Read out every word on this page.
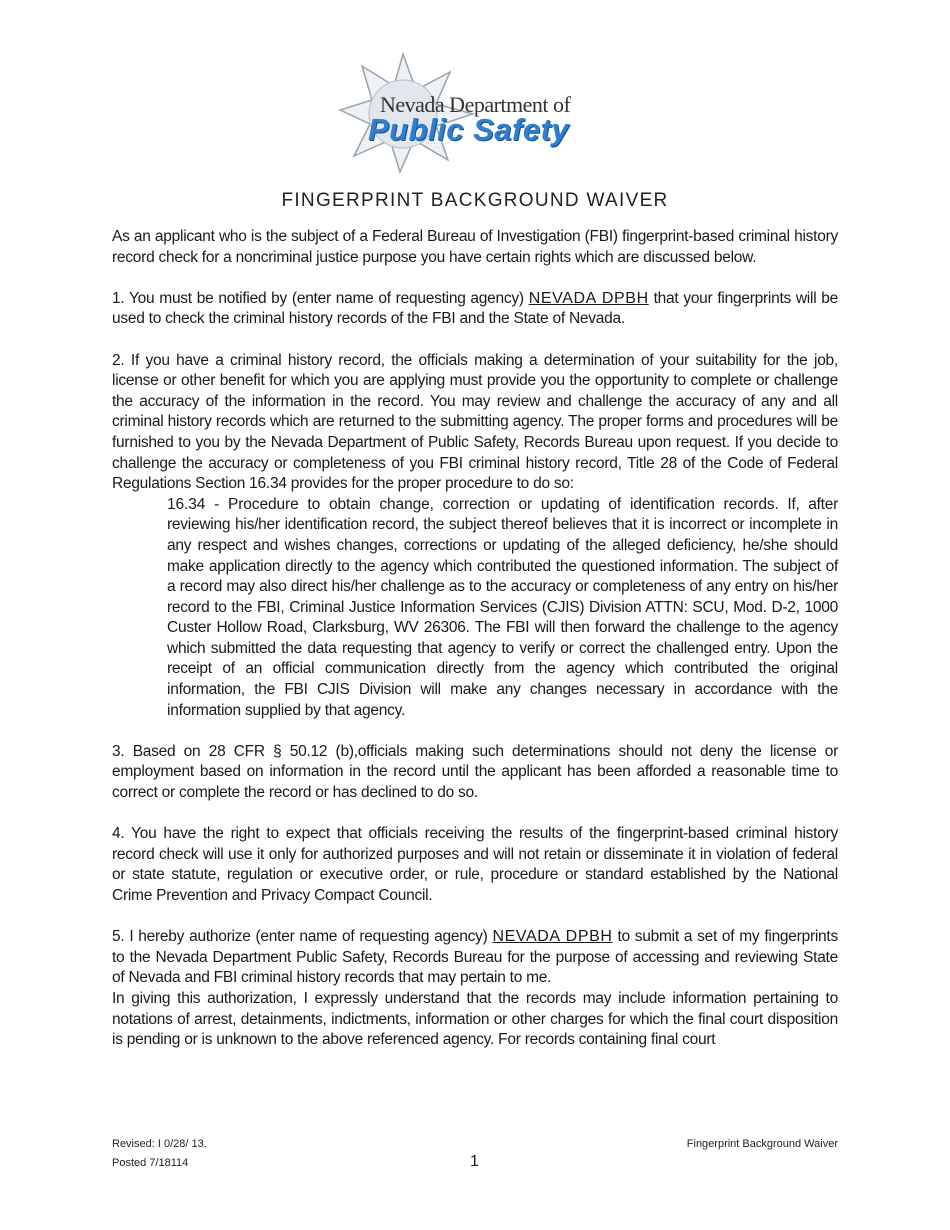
Nevada Department of
Public Safety
FINGERPRINT BACKGROUND WAIVER

As an applicant who is the subject of a Federal Bureau of Investigation (FBI) fingerprint-based criminal history record check for a noncriminal justice purpose you have certain rights which are discussed below.

1. You must be notified by (enter name of requesting agency) NEVADA DPBH that your fingerprints will be used to check the criminal history records of the FBI and the State of Nevada.

2. If you have a criminal history record, the officials making a determination of your suitability for the job, license or other benefit for which you are applying must provide you the opportunity to complete or challenge the accuracy of the information in the record. You may review and challenge the accuracy of any and all criminal history records which are returned to the submitting agency. The proper forms and procedures will be furnished to you by the Nevada Department of Public Safety, Records Bureau upon request. If you decide to challenge the accuracy or completeness of you FBI criminal history record, Title 28 of the Code of Federal Regulations Section 16.34 provides for the proper procedure to do so:

16.34 - Procedure to obtain change, correction or updating of identification records. If, after reviewing his/her identification record, the subject thereof believes that it is incorrect or incomplete in any respect and wishes changes, corrections or updating of the alleged deficiency, he/she should make application directly to the agency which contributed the questioned information. The subject of a record may also direct his/her challenge as to the accuracy or completeness of any entry on his/her record to the FBI, Criminal Justice Information Services (CJIS) Division ATTN: SCU, Mod. D-2, 1000 Custer Hollow Road, Clarksburg, WV 26306. The FBI will then forward the challenge to the agency which submitted the data requesting that agency to verify or correct the challenged entry. Upon the receipt of an official communication directly from the agency which contributed the original information, the FBI CJIS Division will make any changes necessary in accordance with the information supplied by that agency.

3. Based on 28 CFR § 50.12 (b),officials making such determinations should not deny the license or employment based on information in the record until the applicant has been afforded a reasonable time to correct or complete the record or has declined to do so.

4. You have the right to expect that officials receiving the results of the fingerprint-based criminal history record check will use it only for authorized purposes and will not retain or disseminate it in violation of federal or state statute, regulation or executive order, or rule, procedure or standard established by the National Crime Prevention and Privacy Compact Council.

5. I hereby authorize (enter name of requesting agency) NEVADA DPBH to submit a set of my fingerprints to the Nevada Department Public Safety, Records Bureau for the purpose of accessing and reviewing State of Nevada and FBI criminal history records that may pertain to me.

In giving this authorization, I expressly understand that the records may include information pertaining to notations of arrest, detainments, indictments, information or other charges for which the final court disposition is pending or is unknown to the above referenced agency. For records containing final court

Revised: I 0/28/ 13.
Posted 7/18114
Fingerprint Background Waiver
1
